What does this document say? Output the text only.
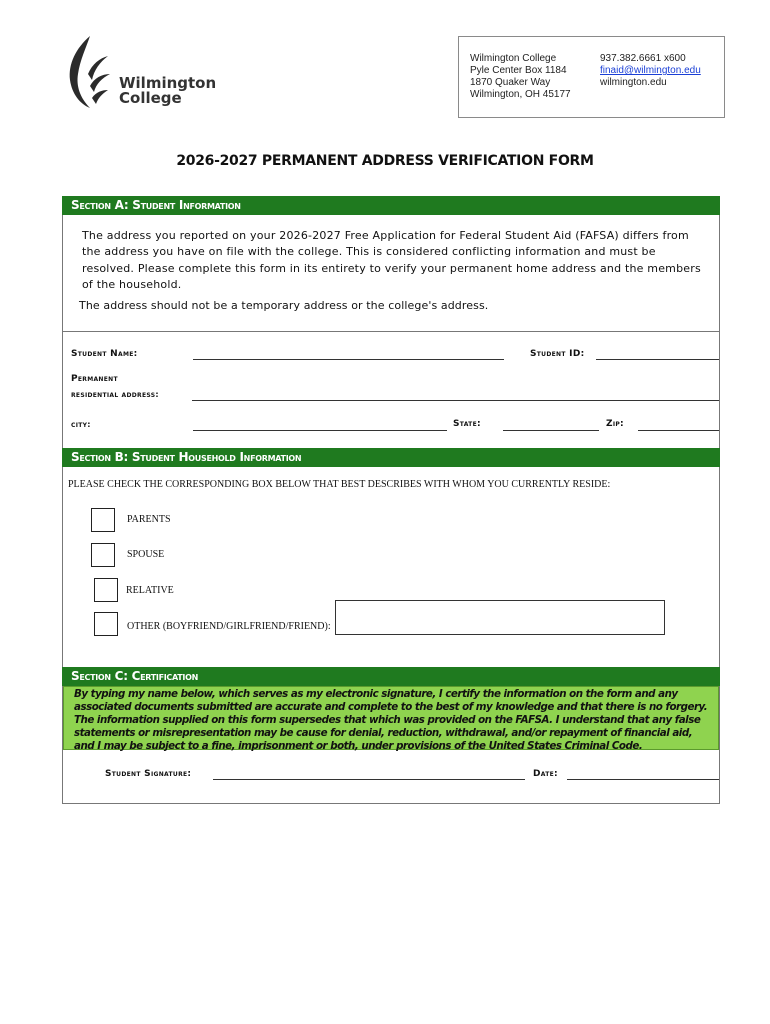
Wilmington
College
Wilmington College
Pyle Center Box 1184
1870 Quaker Way
Wilmington, OH 45177
937.382.6661 x600
finaid@wilmington.edu
wilmington.edu
2026-2027 PERMANENT ADDRESS VERIFICATION FORM
Section A: Student Information
The address you reported on your 2026-2027 Free Application for Federal Student Aid (FAFSA) differs from the address you have on file with the college. This is considered conflicting information and must be resolved. Please complete this form in its entirety to verify your permanent home address and the members of the household.
The address should not be a temporary address or the college's address.
Student Name:	Student ID:
Permanent
residential address:
city:	State:	Zip:
Section B: Student Household Information
PLEASE CHECK THE CORRESPONDING BOX BELOW THAT BEST DESCRIBES WITH WHOM YOU CURRENTLY RESIDE:
PARENTS
SPOUSE
RELATIVE
OTHER (BOYFRIEND/GIRLFRIEND/FRIEND):
Section C: Certification
By typing my name below, which serves as my electronic signature, I certify the information on the form and any associated documents submitted are accurate and complete to the best of my knowledge and that there is no forgery. The information supplied on this form supersedes that which was provided on the FAFSA. I understand that any false statements or misrepresentation may be cause for denial, reduction, withdrawal, and/or repayment of financial aid, and I may be subject to a fine, imprisonment or both, under provisions of the United States Criminal Code.
Student Signature:	Date:
